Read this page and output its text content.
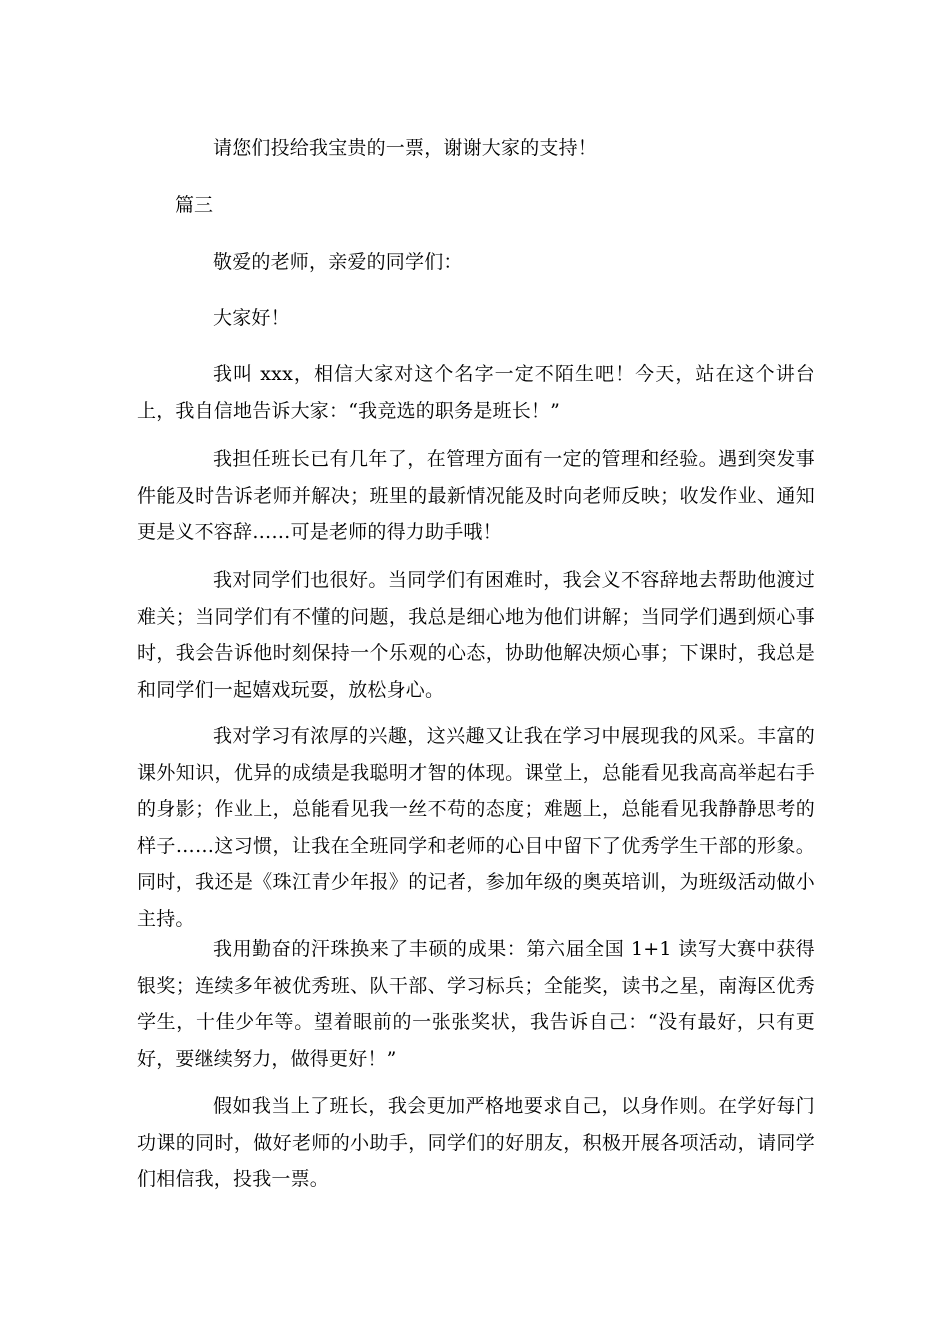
请您们投给我宝贵的一票，谢谢大家的支持！

篇三

敬爱的老师，亲爱的同学们：

大家好！

我叫 xxx，相信大家对这个名字一定不陌生吧！今天，站在这个讲台上，我自信地告诉大家：“我竞选的职务是班长！”

我担任班长已有几年了，在管理方面有一定的管理和经验。遇到突发事件能及时告诉老师并解决；班里的最新情况能及时向老师反映；收发作业、通知更是义不容辞……可是老师的得力助手哦！

我对同学们也很好。当同学们有困难时，我会义不容辞地去帮助他渡过难关；当同学们有不懂的问题，我总是细心地为他们讲解；当同学们遇到烦心事时，我会告诉他时刻保持一个乐观的心态，协助他解决烦心事；下课时，我总是和同学们一起嬉戏玩耍，放松身心。

我对学习有浓厚的兴趣，这兴趣又让我在学习中展现我的风采。丰富的课外知识，优异的成绩是我聪明才智的体现。课堂上，总能看见我高高举起右手的身影；作业上，总能看见我一丝不苟的态度；难题上，总能看见我静静思考的样子……这习惯，让我在全班同学和老师的心目中留下了优秀学生干部的形象。同时，我还是《珠江青少年报》的记者，参加年级的奥英培训，为班级活动做小主持。

我用勤奋的汗珠换来了丰硕的成果：第六届全国 1+1 读写大赛中获得银奖；连续多年被优秀班、队干部、学习标兵；全能奖，读书之星，南海区优秀学生，十佳少年等。望着眼前的一张张奖状，我告诉自己：“没有最好，只有更好，要继续努力，做得更好！”

假如我当上了班长，我会更加严格地要求自己，以身作则。在学好每门功课的同时，做好老师的小助手，同学们的好朋友，积极开展各项活动，请同学们相信我，投我一票。
